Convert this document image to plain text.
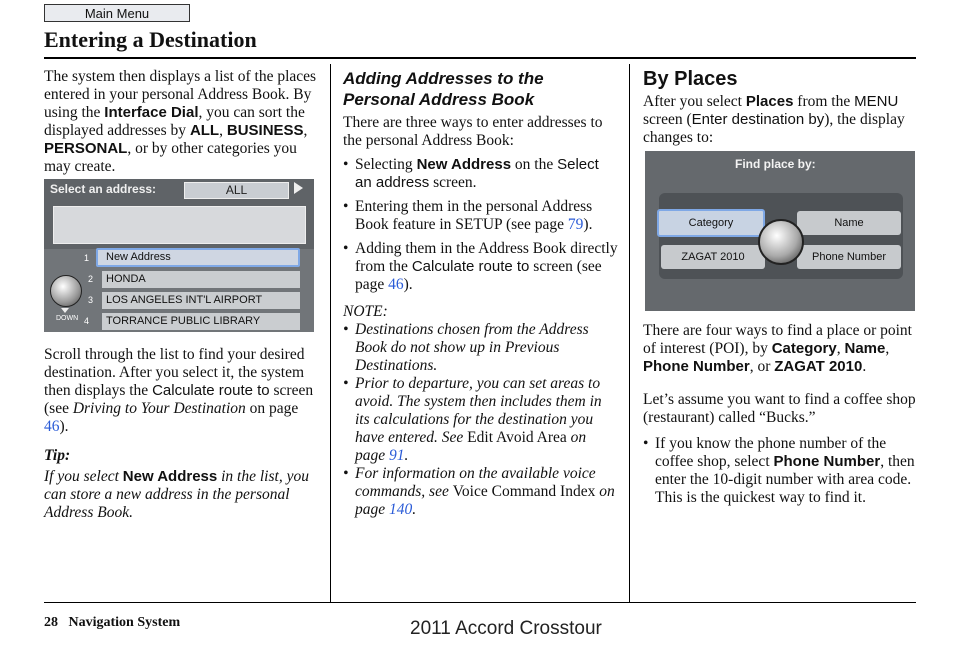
Main Menu
Entering a Destination
The system then displays a list of the places entered in your personal Address Book. By using the Interface Dial, you can sort the displayed addresses by ALL, BUSINESS, PERSONAL, or by other categories you may create.
Select an address:	ALL
DOWN
1
2
3
4
New Address
HONDA
LOS ANGELES INT'L AIRPORT
TORRANCE PUBLIC LIBRARY
Scroll through the list to find your desired destination. After you select it, the system then displays the Calculate route to screen (see Driving to Your Destination on page 46).
Tip:
If you select New Address in the list, you can store a new address in the personal Address Book.
Adding Addresses to the
Personal Address Book
There are three ways to enter addresses to the personal Address Book:
• Selecting New Address on the Select an address screen.
• Entering them in the personal Address Book feature in SETUP (see page 79).
• Adding them in the Address Book directly from the Calculate route to screen (see page 46).
NOTE:
• Destinations chosen from the Address Book do not show up in Previous Destinations.
• Prior to departure, you can set areas to avoid. The system then includes them in its calculations for the destination you have entered. See Edit Avoid Area on page 91.
• For information on the available voice commands, see Voice Command Index on page 140.
By Places
After you select Places from the MENU screen (Enter destination by), the display changes to:
Find place by:
Category	Name
ZAGAT 2010	Phone Number
There are four ways to find a place or point of interest (POI), by Category, Name, Phone Number, or ZAGAT 2010.
Let’s assume you want to find a coffee shop (restaurant) called “Bucks.”
• If you know the phone number of the coffee shop, select Phone Number, then enter the 10-digit number with area code. This is the quickest way to find it.
28 Navigation System	2011 Accord Crosstour
